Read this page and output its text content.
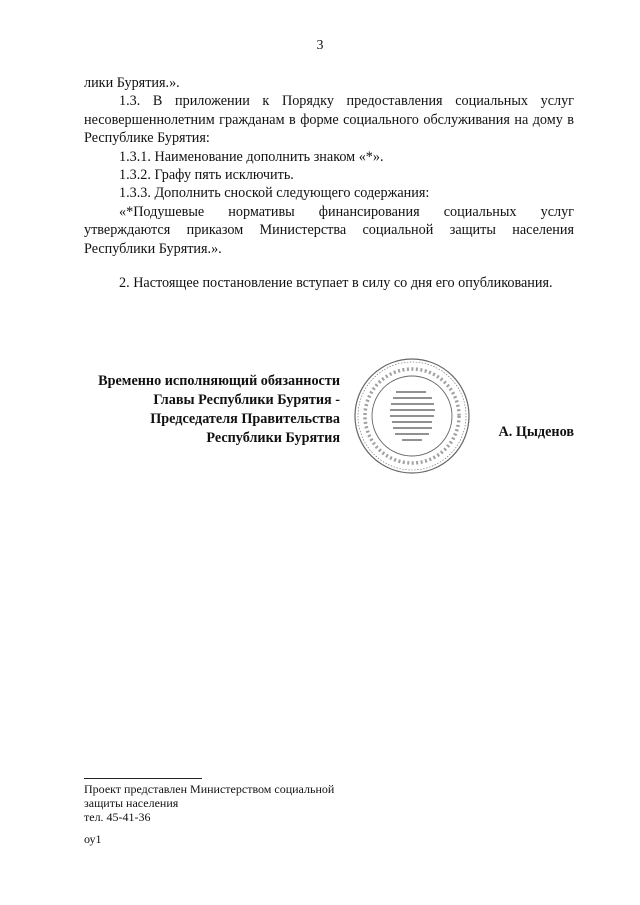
3

лики Бурятия.».

1.3. В приложении к Порядку предоставления социальных услуг несовершеннолетним гражданам в форме социального обслуживания на дому в Республике Бурятия:

1.3.1. Наименование дополнить знаком «*».

1.3.2. Графу пять исключить.

1.3.3. Дополнить сноской следующего содержания:

«*Подушевые нормативы финансирования социальных услуг утверждаются приказом Министерства социальной защиты населения Республики Бурятия.».

2. Настоящее постановление вступает в силу со дня его опубликования.

Временно исполняющий обязанности
Главы Республики Бурятия -
Председателя Правительства
Республики Бурятия	А. Цыденов
Проект представлен Министерством социальной
защиты населения
тел. 45-41-36
оу1
